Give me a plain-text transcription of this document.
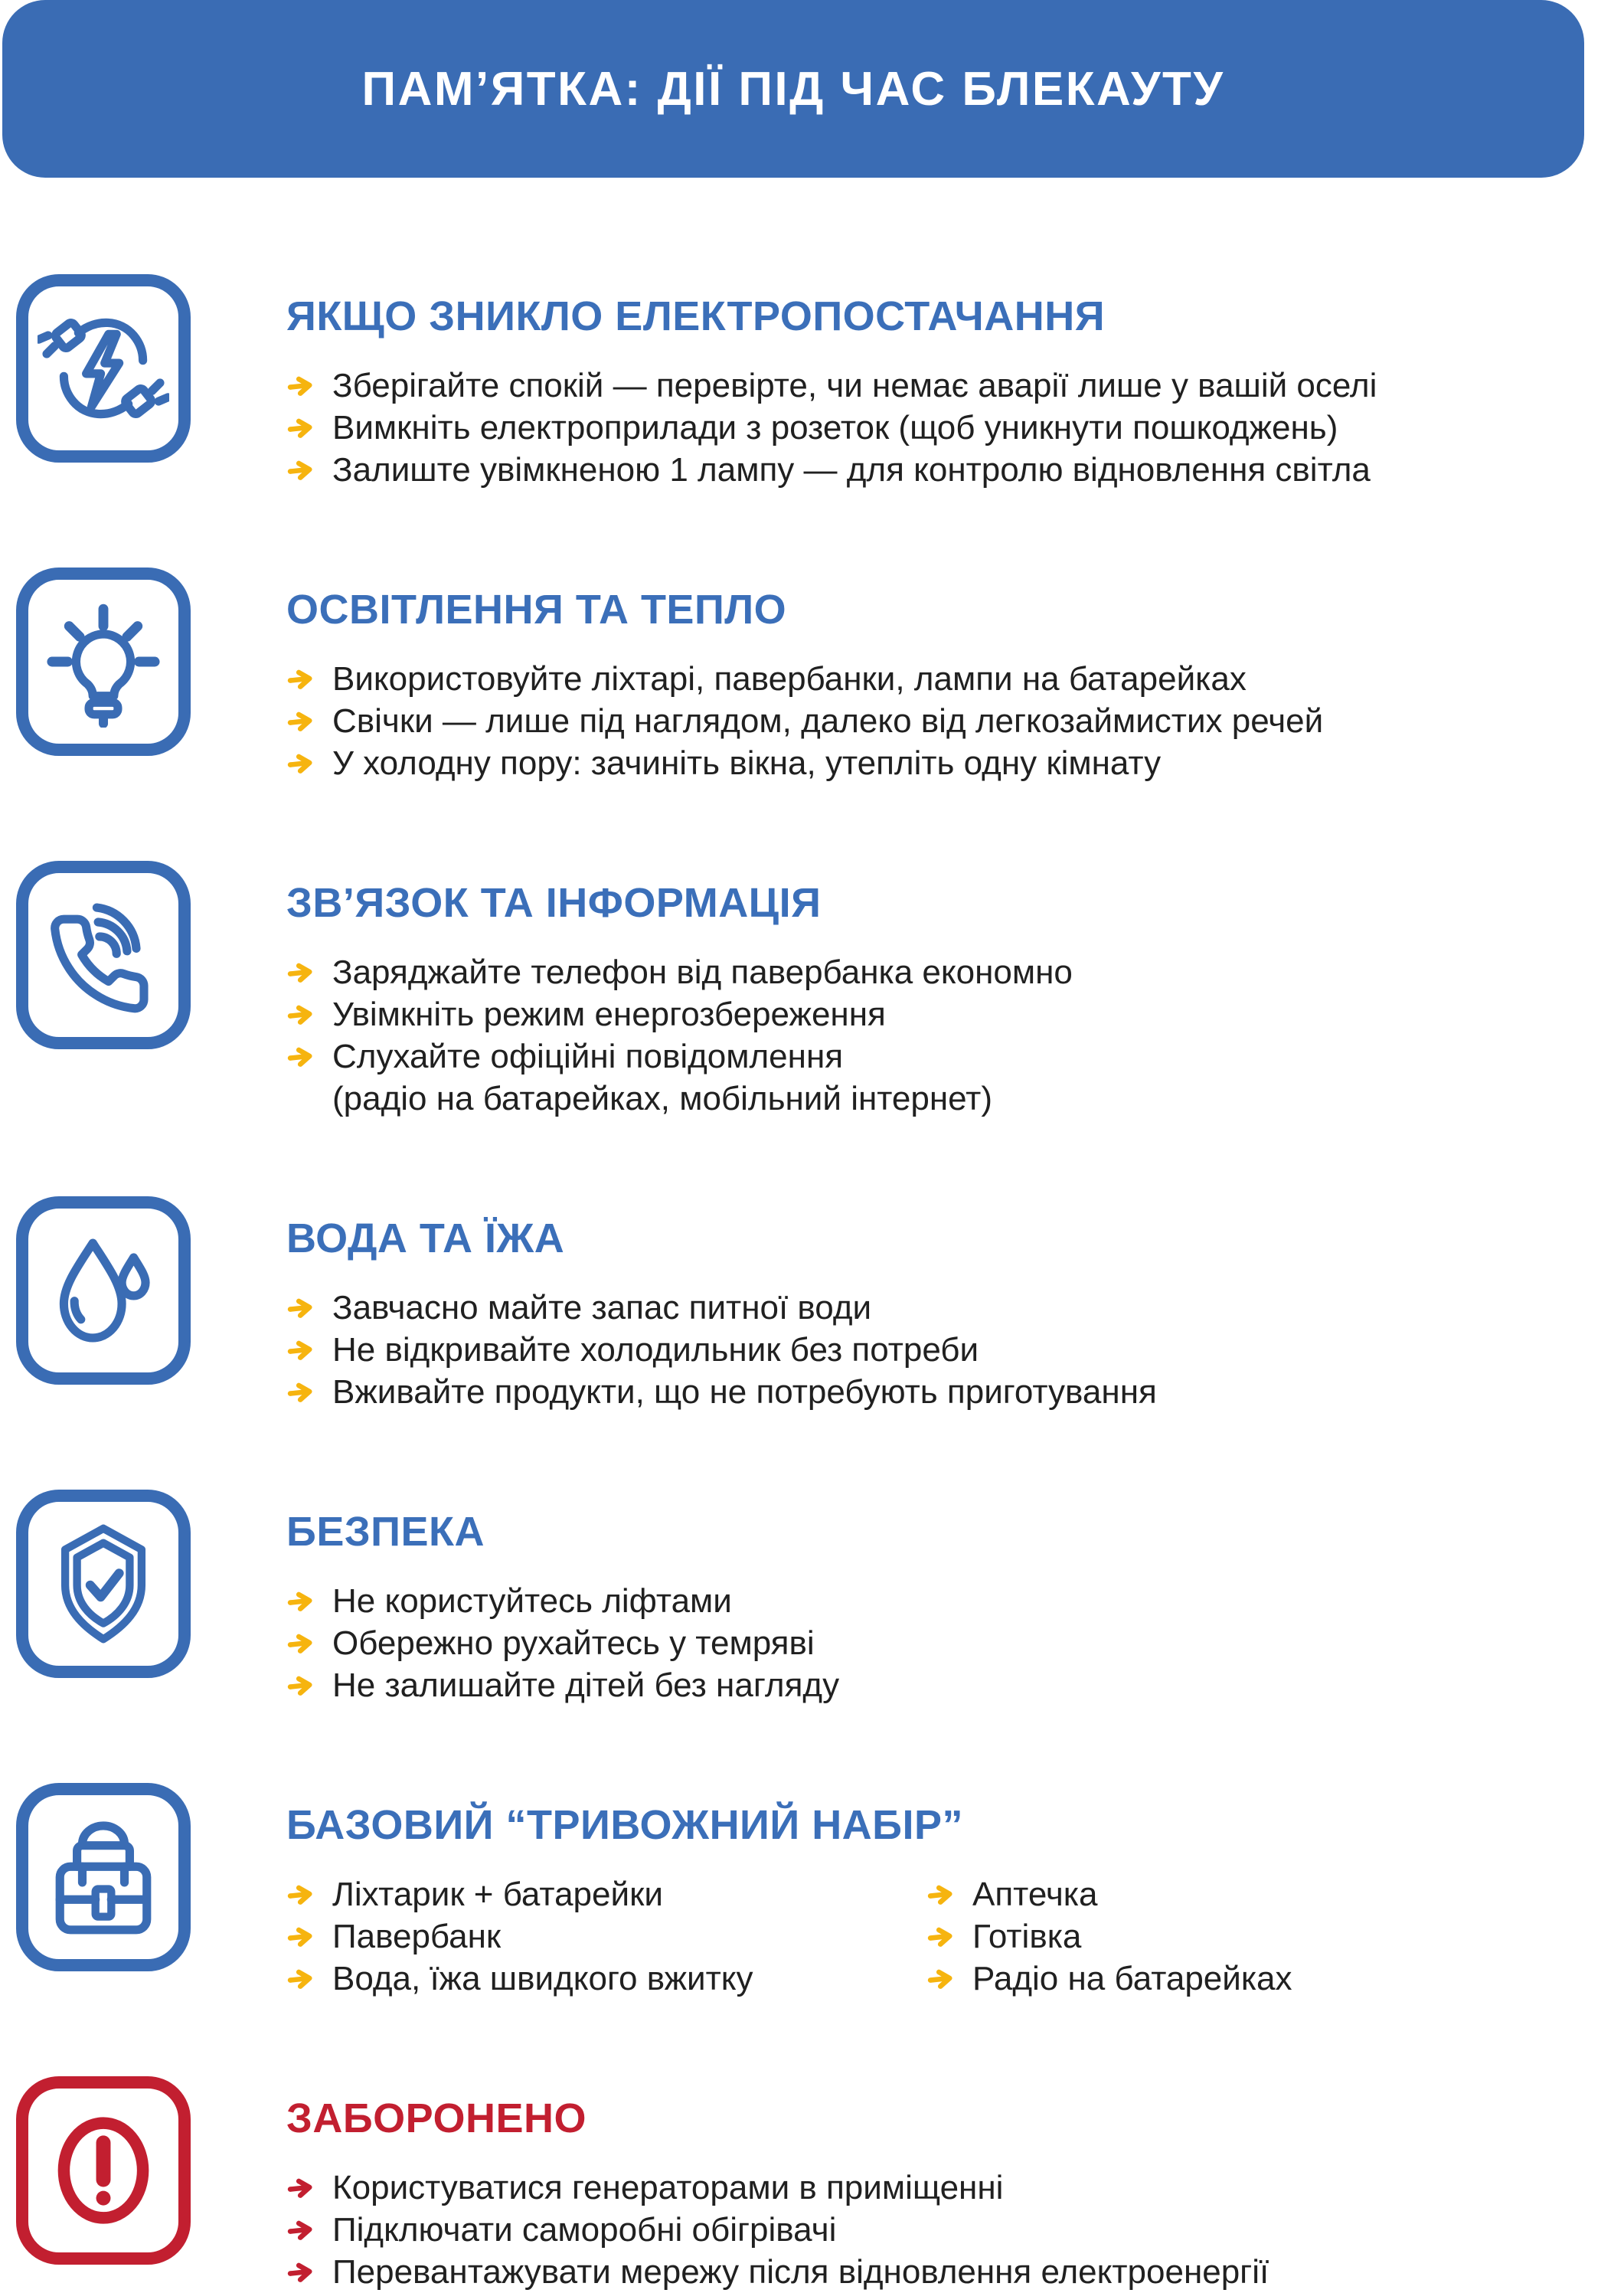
ПАМ’ЯТКА: ДІЇ ПІД ЧАС БЛЕКАУТУ
ЯКЩО ЗНИКЛО ЕЛЕКТРОПОСТАЧАННЯ
Зберігайте спокій — перевірте, чи немає аварії лише у вашій оселі
Вимкніть електроприлади з розеток (щоб уникнути пошкоджень)
Залиште увімкненою 1 лампу — для контролю відновлення світла
ОСВІТЛЕННЯ ТА ТЕПЛО
Використовуйте ліхтарі, павербанки, лампи на батарейках
Свічки — лише під наглядом, далеко від легкозаймистих речей
У холодну пору: зачиніть вікна, утепліть одну кімнату
ЗВ’ЯЗОК ТА ІНФОРМАЦІЯ
Заряджайте телефон від павербанка економно
Увімкніть режим енергозбереження
Слухайте офіційні повідомлення
(радіо на батарейках, мобільний інтернет)
ВОДА ТА ЇЖА
Завчасно майте запас питної води
Не відкривайте холодильник без потреби
Вживайте продукти, що не потребують приготування
БЕЗПЕКА
Не користуйтесь ліфтами
Обережно рухайтесь у темряві
Не залишайте дітей без нагляду
БАЗОВИЙ “ТРИВОЖНИЙ НАБІР”
Ліхтарик + батарейки
Павербанк
Вода, їжа швидкого вжитку
Аптечка
Готівка
Радіо на батарейках
ЗАБОРОНЕНО
Користуватися генераторами в приміщенні
Підключати саморобні обігрівачі
Перевантажувати мережу після відновлення електроенергії
